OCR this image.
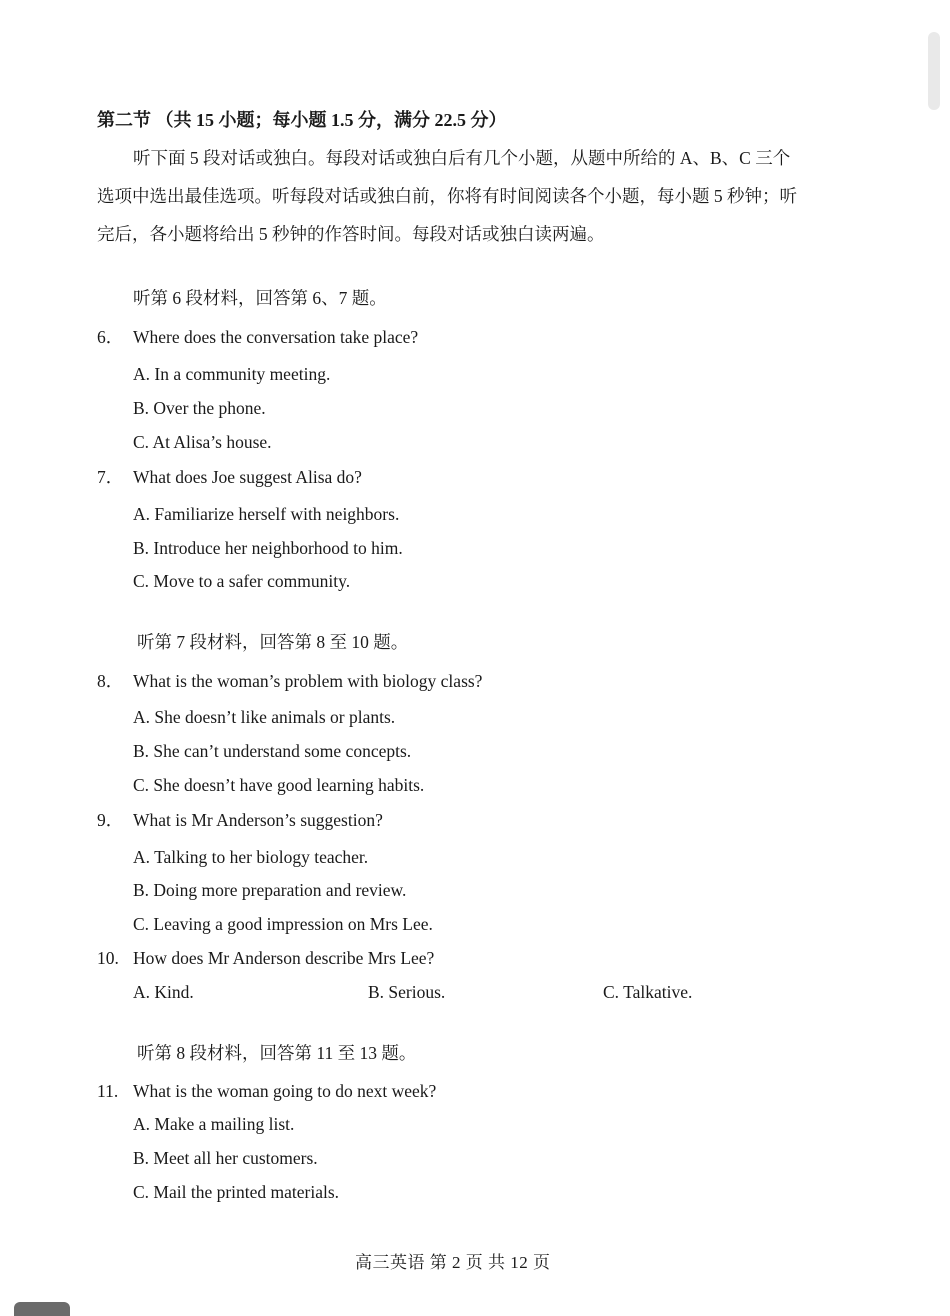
第二节 （共 15 小题；每小题 1.5 分，满分 22.5 分）
听下面 5 段对话或独白。每段对话或独白后有几个小题，从题中所给的 A、B、C 三个
选项中选出最佳选项。听每段对话或独白前，你将有时间阅读各个小题，每小题 5 秒钟；听
完后，各小题将给出 5 秒钟的作答时间。每段对话或独白读两遍。
听第 6 段材料，回答第 6、7 题。
6． Where does the conversation take place?
A. In a community meeting.
B. Over the phone.
C. At Alisa’s house.
7． What does Joe suggest Alisa do?
A. Familiarize herself with neighbors.
B. Introduce her neighborhood to him.
C. Move to a safer community.
听第 7 段材料，回答第 8 至 10 题。
8． What is the woman’s problem with biology class?
A. She doesn’t like animals or plants.
B. She can’t understand some concepts.
C. She doesn’t have good learning habits.
9． What is Mr Anderson’s suggestion?
A. Talking to her biology teacher.
B. Doing more preparation and review.
C. Leaving a good impression on Mrs Lee.
10. How does Mr Anderson describe Mrs Lee?
A. Kind.	B. Serious.	C. Talkative.
听第 8 段材料，回答第 11 至 13 题。
11. What is the woman going to do next week?
A. Make a mailing list.
B. Meet all her customers.
C. Mail the printed materials.
高三英语 第 2 页 共 12 页
